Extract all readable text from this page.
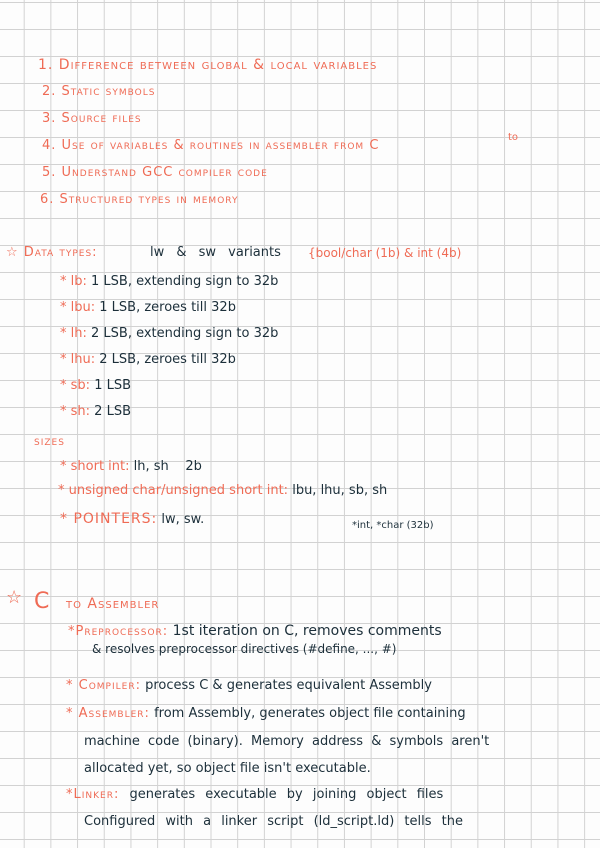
1. Difference between global & local variables
2. Static symbols
3. Source files
to
4. Use of variables & routines in assembler from C
5. Understand GCC compiler code
6. Structured types in memory
☆ Data types:	lw & sw variants {bool/char (1b) & int (4b)
* lb: 1 LSB, extending sign to 32b
* lbu: 1 LSB, zeroes till 32b
* lh: 2 LSB, extending sign to 32b
* lhu: 2 LSB, zeroes till 32b
* sb: 1 LSB
* sh: 2 LSB
sizes
* short int: lh, sh    2b
* unsigned char/unsigned short int: lbu, lhu, sb, sh
* POINTERS: lw, sw.	*int, *char (32b)
☆ C to Assembler
*Preprocessor: 1st iteration on C, removes comments
& resolves preprocessor directives (#define, ..., #)
* Compiler: process C & generates equivalent Assembly
* Assembler: from Assembly, generates object file containing
machine code (binary). Memory address & symbols aren't
allocated yet, so object file isn't executable.
*Linker: generates executable by joining object files
Configured with a linker script (ld_script.ld) tells the
